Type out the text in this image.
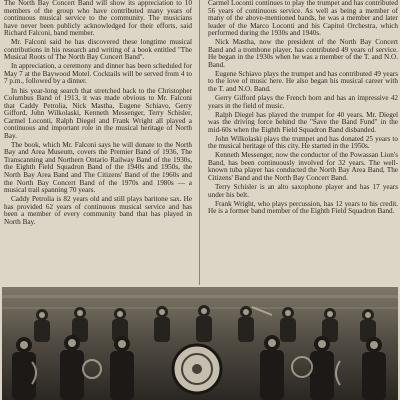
The North Bay Concert Band will show its appreciation to 10 members of the group who have contributed many years of continuous musical service to the community. The musicians have never been publicly acknowledged for their efforts, said Richard Falconi, band member.

Mr. Falconi said he has discovered these longtime musical contributions in his research and writing of a book entitled "The Musical Roots of The North Bay Concert Band".

In appreciation, a ceremony and dinner has been scheduled for May 7 at the Baywood Motel. Cocktails will be served from 4 to 7 p.m., followed by a dinner.

In his year-long search that stretched back to the Christopher Columbus Band of 1913, it was made obvious to Mr. Falconi that Caddy Petrolia, Nick Mastha, Eugene Schiavo, Gerry Gifford, John Wilkolaski, Kenneth Messenger, Terry Schisler, Carmel Loconti, Ralph Diegel and Frank Wright all played a continuous and important role in the musical heritage of North Bay.

The book, which Mr. Falconi says he will donate to the North Bay and Area Museum, covers the Premier Band of 1936, The Transcanning and Northern Ontario Railway Band of the 1930s, the Eighth Field Squadron Band of the 1940s and 1950s, the North Bay Area Band and The Citizens' Band of the 1960s and the North Bay Concert Band of the 1970s and 1980s — a musical trail spanning 70 years.

Caddy Petrolia is 82 years old and still plays baritone sax. He has provided 62 years of continuous musical service and has been a member of every community band that has played in North Bay.

Carmel Loconti continues to play the trumpet and has contributed 56 years of continuous service. As well as being a member of many of the above-mentioned bands, he was a member and later leader of the Marco Loconti and his Capitol Orchestra, which performed during the 1930s and 1940s.

Nick Mastha, now the president of the North Bay Concert Band and a trombone player, has contributed 49 years of service. He began in the 1930s when he was a member of the T. and N.O. Band.

Eugene Schiavo plays the trumpet and has contributed 49 years to the love of music here. He also began his musical career with the T. and N.O. Band.

Gerry Gifford plays the French horn and has an impressive 42 years in the field of music.

Ralph Diegel has played the trumpet for 40 years. Mr. Diegel was the driving force behind the "Save the Band Fund" in the mid-60s when the Eighth Field Squadron Band disbanded.

John Wilkolaski plays the trumpet and has donated 25 years to the musical heritage of this city. He started in the 1950s.

Kenneth Messenger, now the conductor of the Powassan Lion's Band, has been continuously involved for 32 years. The well-known tuba player has conducted the North Bay Area Band, The Citizens' Band and the North Bay Concert Band.

Terry Schisler is an alto saxophone player and has 17 years under his belt.

Frank Wright, who plays percussion, has 12 years to his credit. He is a former band member of the Eighth Field Squadron Band.
